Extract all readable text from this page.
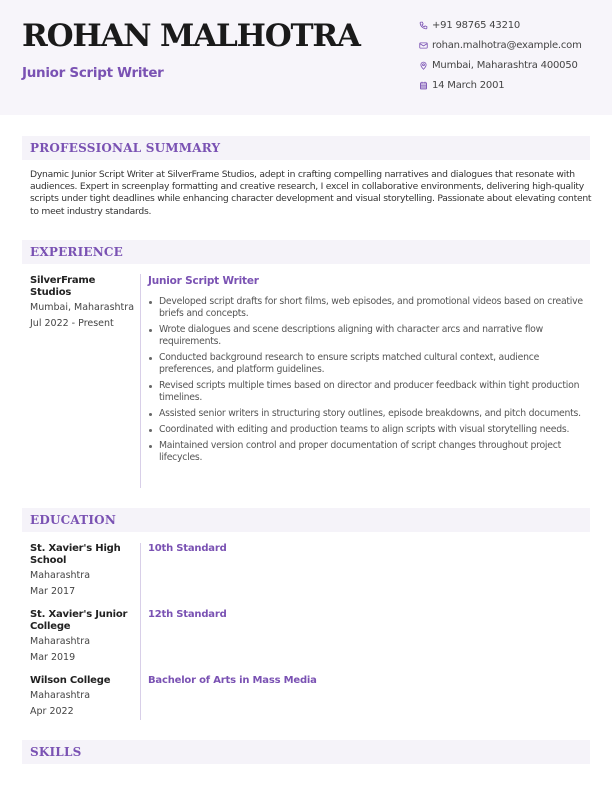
ROHAN MALHOTRA
Junior Script Writer
+91 98765 43210
rohan.malhotra@example.com
Mumbai, Maharashtra 400050
14 March 2001
PROFESSIONAL SUMMARY
Dynamic Junior Script Writer at SilverFrame Studios, adept in crafting compelling narratives and dialogues that resonate with audiences. Expert in screenplay formatting and creative research, I excel in collaborative environments, delivering high-quality scripts under tight deadlines while enhancing character development and visual storytelling. Passionate about elevating content to meet industry standards.
EXPERIENCE
SilverFrame Studios
Mumbai, Maharashtra
Jul 2022 - Present
Junior Script Writer
Developed script drafts for short films, web episodes, and promotional videos based on creative briefs and concepts.
Wrote dialogues and scene descriptions aligning with character arcs and narrative flow requirements.
Conducted background research to ensure scripts matched cultural context, audience preferences, and platform guidelines.
Revised scripts multiple times based on director and producer feedback within tight production timelines.
Assisted senior writers in structuring story outlines, episode breakdowns, and pitch documents.
Coordinated with editing and production teams to align scripts with visual storytelling needs.
Maintained version control and proper documentation of script changes throughout project lifecycles.
EDUCATION
St. Xavier's High School
Maharashtra
Mar 2017
10th Standard
St. Xavier's Junior College
Maharashtra
Mar 2019
12th Standard
Wilson College
Maharashtra
Apr 2022
Bachelor of Arts in Mass Media
SKILLS
